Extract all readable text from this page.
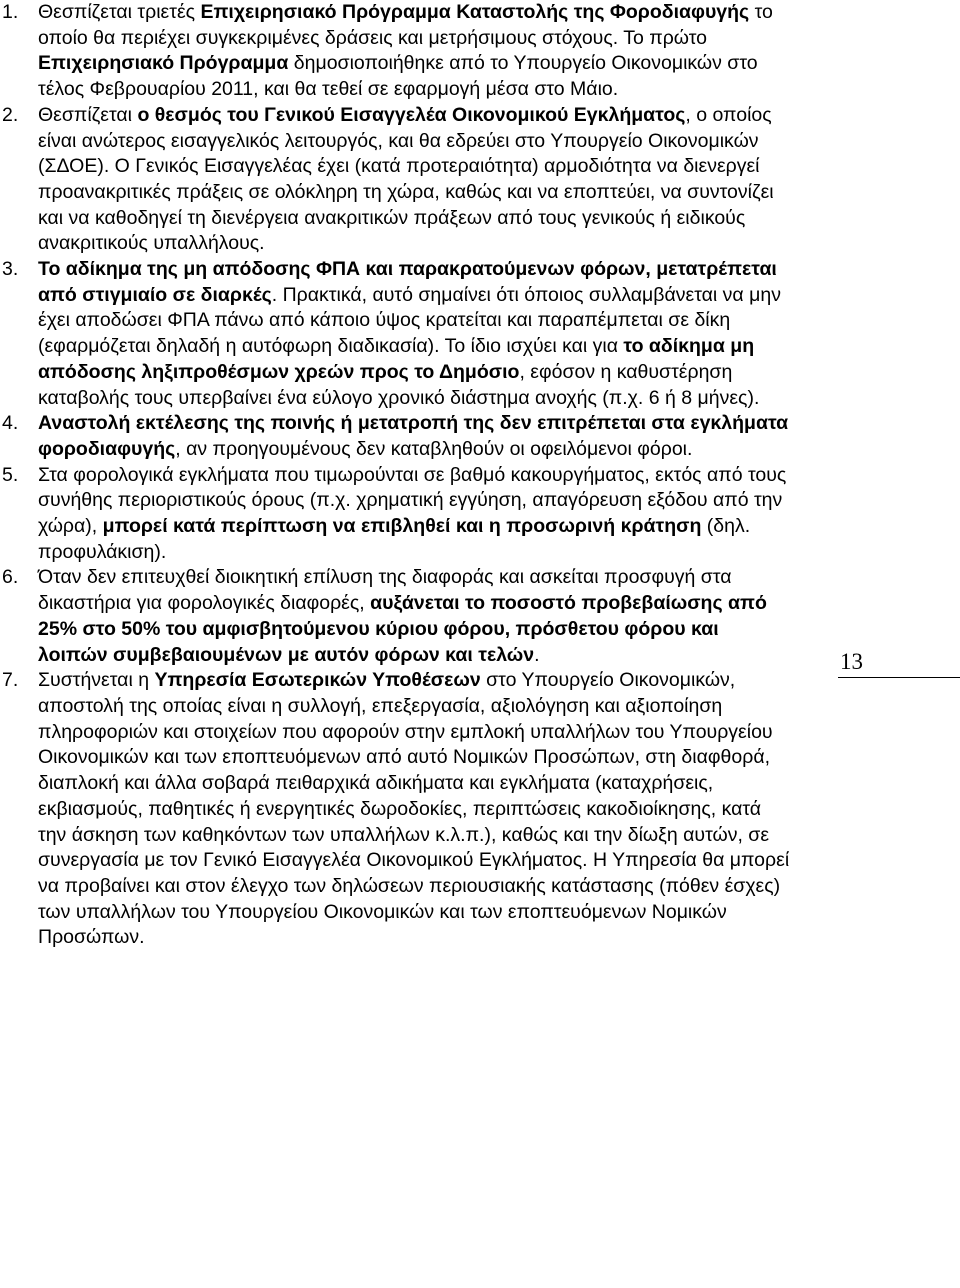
1. Θεσπίζεται τριετές Επιχειρησιακό Πρόγραμμα Καταστολής της Φοροδιαφυγής το οποίο θα περιέχει συγκεκριμένες δράσεις και μετρήσιμους στόχους. Το πρώτο Επιχειρησιακό Πρόγραμμα δημοσιοποιήθηκε από το Υπουργείο Οικονομικών στο τέλος Φεβρουαρίου 2011, και θα τεθεί σε εφαρμογή μέσα στο Μάιο.

2. Θεσπίζεται ο θεσμός του Γενικού Εισαγγελέα Οικονομικού Εγκλήματος, ο οποίος είναι ανώτερος εισαγγελικός λειτουργός, και θα εδρεύει στο Υπουργείο Οικονομικών (ΣΔΟΕ). Ο Γενικός Εισαγγελέας έχει (κατά προτεραιότητα) αρμοδιότητα να διενεργεί προανακριτικές πράξεις σε ολόκληρη τη χώρα, καθώς και να εποπτεύει, να συντονίζει και να καθοδηγεί τη διενέργεια ανακριτικών πράξεων από τους γενικούς ή ειδικούς ανακριτικούς υπαλλήλους.

3. Το αδίκημα της μη απόδοσης ΦΠΑ και παρακρατούμενων φόρων, μετατρέπεται από στιγμιαίο σε διαρκές. Πρακτικά, αυτό σημαίνει ότι όποιος συλλαμβάνεται να μην έχει αποδώσει ΦΠΑ πάνω από κάποιο ύψος κρατείται και παραπέμπεται σε δίκη (εφαρμόζεται δηλαδή η αυτόφωρη διαδικασία). Το ίδιο ισχύει και για το αδίκημα μη απόδοσης ληξιπροθέσμων χρεών προς το Δημόσιο, εφόσον η καθυστέρηση καταβολής τους υπερβαίνει ένα εύλογο χρονικό διάστημα ανοχής (π.χ. 6 ή 8 μήνες).

4. Αναστολή εκτέλεσης της ποινής ή μετατροπή της δεν επιτρέπεται στα εγκλήματα φοροδιαφυγής, αν προηγουμένους δεν καταβληθούν οι οφειλόμενοι φόροι.

5. Στα φορολογικά εγκλήματα που τιμωρούνται σε βαθμό κακουργήματος, εκτός από τους συνήθης περιοριστικούς όρους (π.χ. χρηματική εγγύηση, απαγόρευση εξόδου από την χώρα), μπορεί κατά περίπτωση να επιβληθεί και η προσωρινή κράτηση (δηλ. προφυλάκιση).

6. Όταν δεν επιτευχθεί διοικητική επίλυση της διαφοράς και ασκείται προσφυγή στα δικαστήρια για φορολογικές διαφορές, αυξάνεται το ποσοστό προβεβαίωσης από 25% στο 50% του αμφισβητούμενου κύριου φόρου, πρόσθετου φόρου και λοιπών συμβεβαιουμένων με αυτόν φόρων και τελών.

7. Συστήνεται η Υπηρεσία Εσωτερικών Υποθέσεων στο Υπουργείο Οικονομικών, αποστολή της οποίας είναι η συλλογή, επεξεργασία, αξιολόγηση και αξιοποίηση πληροφοριών και στοιχείων που αφορούν στην εμπλοκή υπαλλήλων του Υπουργείου Οικονομικών και των εποπτευόμενων από αυτό Νομικών Προσώπων, στη διαφθορά, διαπλοκή και άλλα σοβαρά πειθαρχικά αδικήματα και εγκλήματα (καταχρήσεις, εκβιασμούς, παθητικές ή ενεργητικές δωροδοκίες, περιπτώσεις κακοδιοίκησης, κατά την άσκηση των καθηκόντων των υπαλλήλων κ.λ.π.), καθώς και την δίωξη αυτών, σε συνεργασία με τον Γενικό Εισαγγελέα Οικονομικού Εγκλήματος. Η Υπηρεσία θα μπορεί να προβαίνει και στον έλεγχο των δηλώσεων περιουσιακής κατάστασης (πόθεν έσχες) των υπαλλήλων του Υπουργείου Οικονομικών και των εποπτευόμενων Νομικών Προσώπων.

13
